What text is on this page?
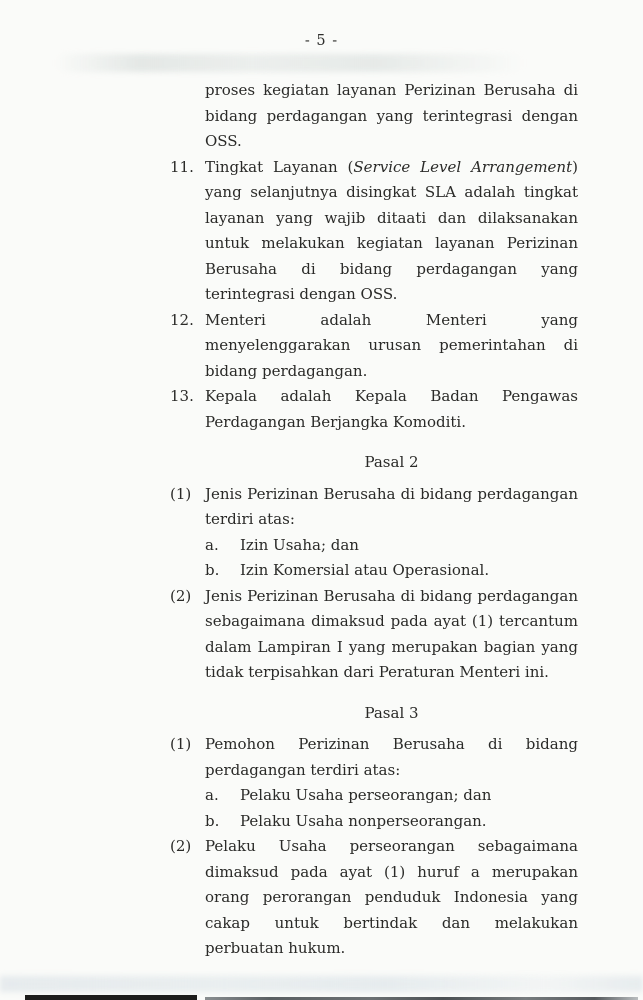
- 5 -
proses kegiatan layanan Perizinan Berusaha di bidang perdagangan yang terintegrasi dengan OSS.
11. Tingkat Layanan (Service Level Arrangement) yang selanjutnya disingkat SLA adalah tingkat layanan yang wajib ditaati dan dilaksanakan untuk melakukan kegiatan layanan Perizinan Berusaha di bidang perdagangan yang terintegrasi dengan OSS.
12. Menteri adalah Menteri yang menyelenggarakan urusan pemerintahan di bidang perdagangan.
13. Kepala adalah Kepala Badan Pengawas Perdagangan Berjangka Komoditi.
Pasal 2
(1) Jenis Perizinan Berusaha di bidang perdagangan terdiri atas:
a.	Izin Usaha; dan
b.	Izin Komersial atau Operasional.
(2) Jenis Perizinan Berusaha di bidang perdagangan sebagaimana dimaksud pada ayat (1) tercantum dalam Lampiran I yang merupakan bagian yang tidak terpisahkan dari Peraturan Menteri ini.
Pasal 3
(1) Pemohon Perizinan Berusaha di bidang perdagangan terdiri atas:
a.	Pelaku Usaha perseorangan; dan
b.	Pelaku Usaha nonperseorangan.
(2) Pelaku Usaha perseorangan sebagaimana dimaksud pada ayat (1) huruf a merupakan orang perorangan penduduk Indonesia yang cakap untuk bertindak dan melakukan perbuatan hukum.
